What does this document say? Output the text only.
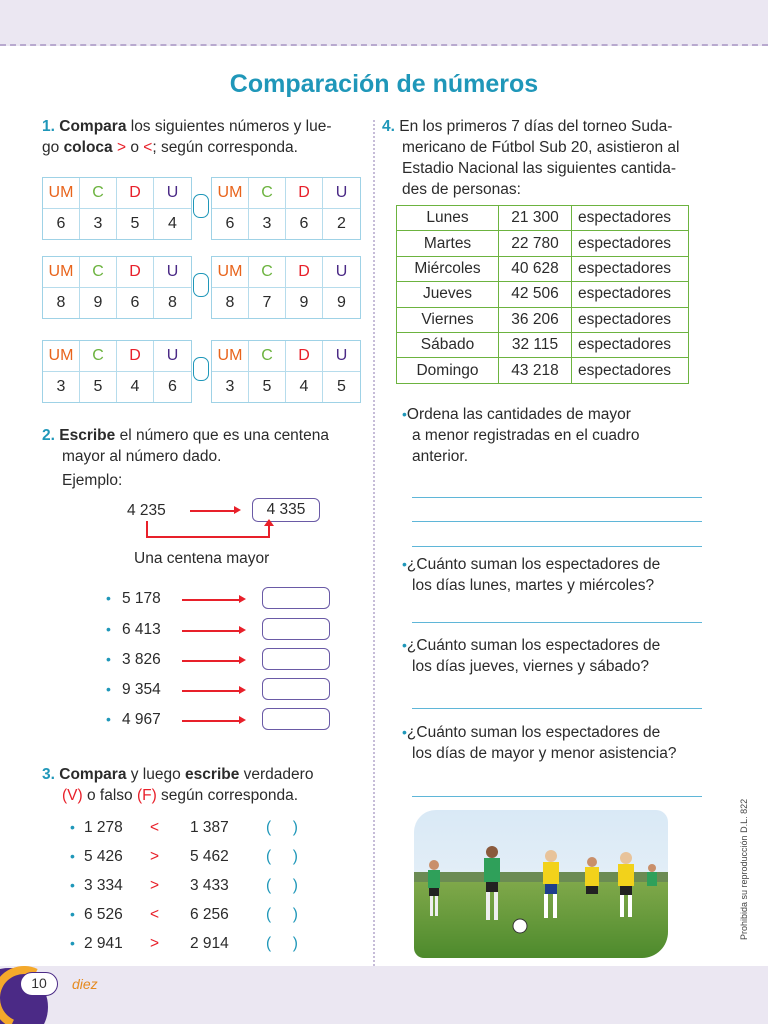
Comparación de números
1. Compara los siguientes números y lue-
go coloca > o <; según corresponda.
UM	C	D	U
6	3	5	4
UM	C	D	U
6	3	6	2
UM	C	D	U
8	9	6	8
UM	C	D	U
8	7	9	9
UM	C	D	U
3	5	4	6
UM	C	D	U
3	5	4	5
2. Escribe el número que es una centena
mayor al número dado.
Ejemplo:
4 235	4 335
Una centena mayor
• 5 178
• 6 413
• 3 826
• 9 354
• 4 967
3. Compara y luego escribe verdadero
(V) o falso (F) según corresponda.
• 1 278 < 1 387 (     )
• 5 426 > 5 462 (     )
• 3 334 > 3 433 (     )
• 6 526 < 6 256 (     )
• 2 941 > 2 914 (     )
4. En los primeros 7 días del torneo Suda-
mericano de Fútbol Sub 20, asistieron al
Estadio Nacional las siguientes cantida-
des de personas:
Lunes	21 300	espectadores
Martes	22 780	espectadores
Miércoles	40 628	espectadores
Jueves	42 506	espectadores
Viernes	36 206	espectadores
Sábado	32 115	espectadores
Domingo	43 218	espectadores
•Ordena las cantidades de mayor
a menor registradas en el cuadro
anterior.
•¿Cuánto suman los espectadores de
los días lunes, martes y miércoles?
•¿Cuánto suman los espectadores de
los días jueves, viernes y sábado?
•¿Cuánto suman los espectadores de
los días de mayor y menor asistencia?
Prohibida su reproducción D.L. 822
10	diez
